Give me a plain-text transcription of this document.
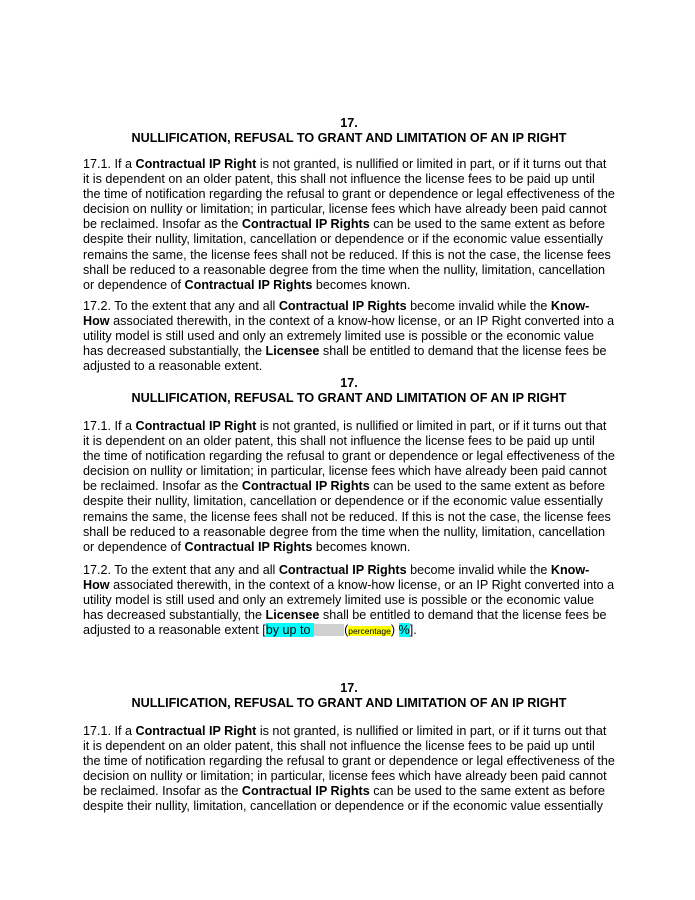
17.
NULLIFICATION, REFUSAL TO GRANT AND LIMITATION OF AN IP RIGHT
17.1. If a Contractual IP Right is not granted, is nullified or limited in part, or if it turns out that it is dependent on an older patent, this shall not influence the license fees to be paid up until the time of notification regarding the refusal to grant or dependence or legal effectiveness of the decision on nullity or limitation; in particular, license fees which have already been paid cannot be reclaimed. Insofar as the Contractual IP Rights can be used to the same extent as before despite their nullity, limitation, cancellation or dependence or if the economic value essentially remains the same, the license fees shall not be reduced. If this is not the case, the license fees shall be reduced to a reasonable degree from the time when the nullity, limitation, cancellation or dependence of Contractual IP Rights becomes known.
17.2. To the extent that any and all Contractual IP Rights become invalid while the Know-How associated therewith, in the context of a know-how license, or an IP Right converted into a utility model is still used and only an extremely limited use is possible or the economic value has decreased substantially, the Licensee shall be entitled to demand that the license fees be adjusted to a reasonable extent.
17.
NULLIFICATION, REFUSAL TO GRANT AND LIMITATION OF AN IP RIGHT
17.1. If a Contractual IP Right is not granted, is nullified or limited in part, or if it turns out that it is dependent on an older patent, this shall not influence the license fees to be paid up until the time of notification regarding the refusal to grant or dependence or legal effectiveness of the decision on nullity or limitation; in particular, license fees which have already been paid cannot be reclaimed. Insofar as the Contractual IP Rights can be used to the same extent as before despite their nullity, limitation, cancellation or dependence or if the economic value essentially remains the same, the license fees shall not be reduced. If this is not the case, the license fees shall be reduced to a reasonable degree from the time when the nullity, limitation, cancellation or dependence of Contractual IP Rights becomes known.
17.2. To the extent that any and all Contractual IP Rights become invalid while the Know-How associated therewith, in the context of a know-how license, or an IP Right converted into a utility model is still used and only an extremely limited use is possible or the economic value has decreased substantially, the Licensee shall be entitled to demand that the license fees be adjusted to a reasonable extent [by up to (percentage) %].
17.
NULLIFICATION, REFUSAL TO GRANT AND LIMITATION OF AN IP RIGHT
17.1. If a Contractual IP Right is not granted, is nullified or limited in part, or if it turns out that it is dependent on an older patent, this shall not influence the license fees to be paid up until the time of notification regarding the refusal to grant or dependence or legal effectiveness of the decision on nullity or limitation; in particular, license fees which have already been paid cannot be reclaimed. Insofar as the Contractual IP Rights can be used to the same extent as before despite their nullity, limitation, cancellation or dependence or if the economic value essentially
